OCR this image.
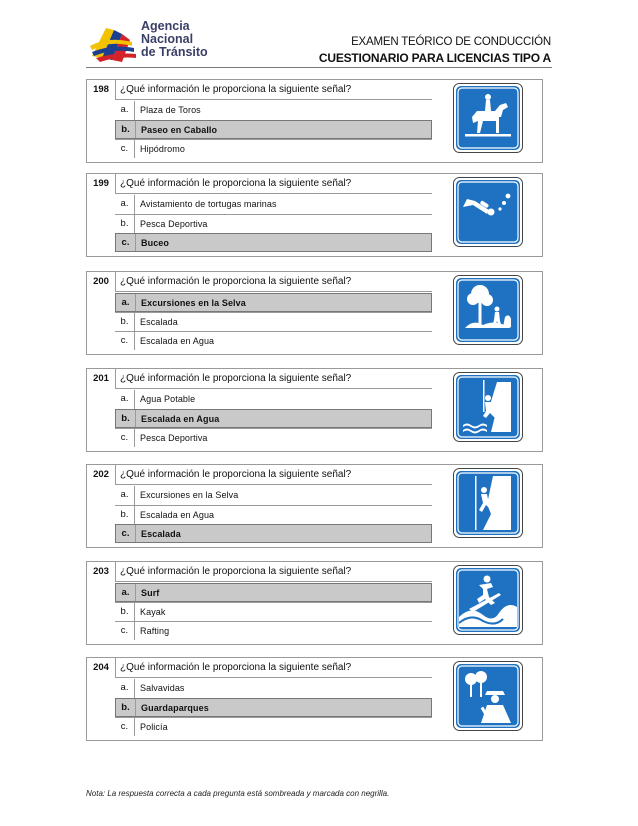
Agencia
Nacional
de Tránsito
EXAMEN TEÓRICO DE CONDUCCIÓN
CUESTIONARIO PARA LICENCIAS TIPO A
198	¿Qué información le proporciona la siguiente señal?
a.	Plaza de Toros
b.	Paseo en Caballo
c.	Hipódromo
199	¿Qué información le proporciona la siguiente señal?
a.	Avistamiento de tortugas marinas
b.	Pesca Deportiva
c.	Buceo
200	¿Qué información le proporciona la siguiente señal?
a.	Excursiones en la Selva
b.	Escalada
c.	Escalada en Agua
201	¿Qué información le proporciona la siguiente señal?
a.	Agua Potable
b.	Escalada en Agua
c.	Pesca Deportiva
202	¿Qué información le proporciona la siguiente señal?
a.	Excursiones en la Selva
b.	Escalada en Agua
c.	Escalada
203	¿Qué información le proporciona la siguiente señal?
a.	Surf
b.	Kayak
c.	Rafting
204	¿Qué información le proporciona la siguiente señal?
a.	Salvavidas
b.	Guardaparques
c.	Policía
Nota: La respuesta correcta a cada pregunta está sombreada y marcada con negrilla.
